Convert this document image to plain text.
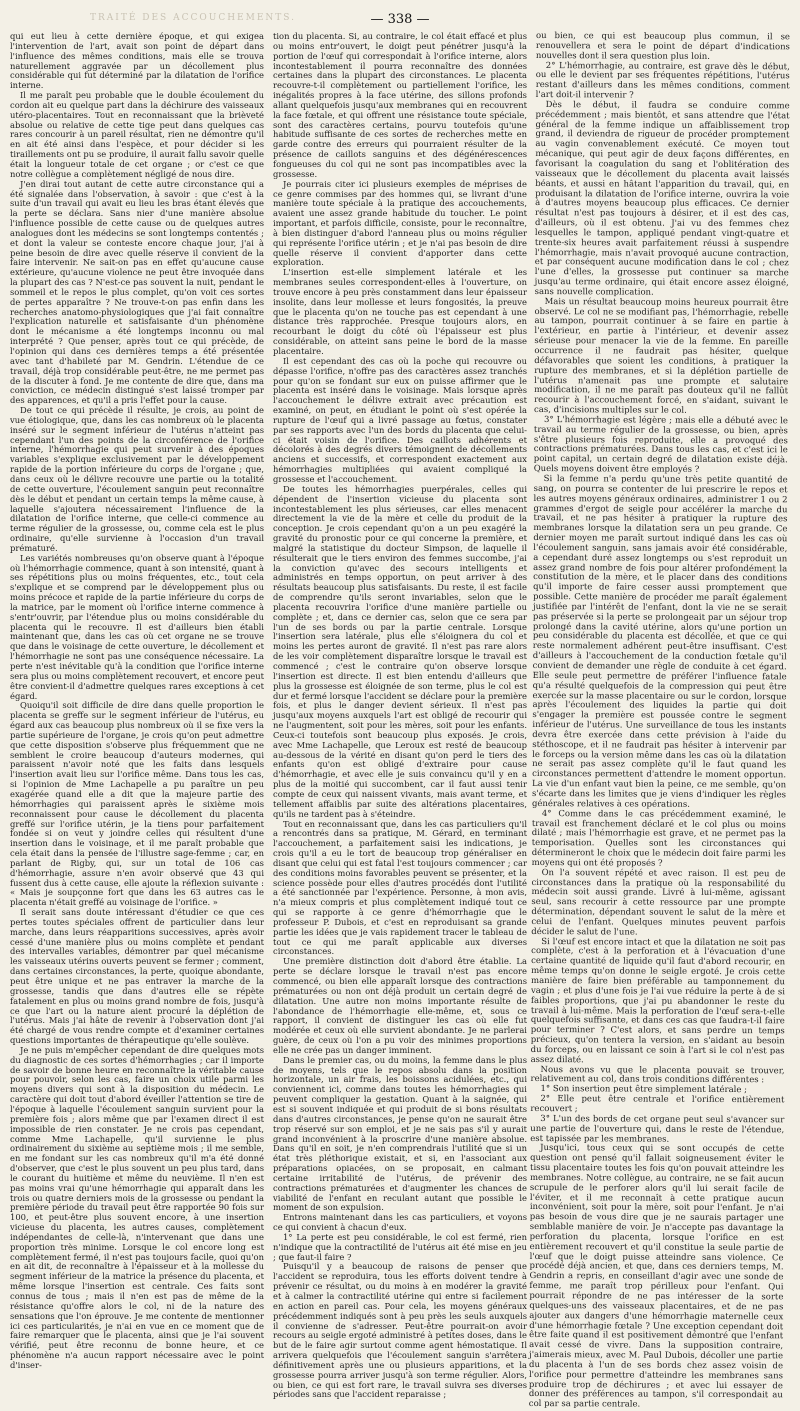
TRAITÉ DES ACCOUCHEMENTS.	— 338 —

qui eut lieu à cette dernière époque, et qui exigea l'intervention de l'art, avait son point de départ dans l'influence des mêmes conditions, mais elle se trouva naturellement aggravée par un décollement plus considérable qui fut déterminé par la dilatation de l'orifice interne.

Il me paraît peu probable que le double écoulement du cordon ait eu quelque part dans la déchirure des vaisseaux utéro-placentaires. Tout en reconnaissant que la brièveté absolue ou relative de cette tige peut dans quelques cas rares concourir à un pareil résultat, rien ne démontre qu'il en ait été ainsi dans l'espèce, et pour décider si les tiraillements ont pu se produire, il aurait fallu savoir quelle était la longueur totale de cet organe ; or c'est ce que notre collègue a complètement négligé de nous dire.

J'en dirai tout autant de cette autre circonstance qui a été signalée dans l'observation, à savoir : que c'est à la suite d'un travail qui avait eu lieu les bras étant élevés que la perte se déclara. Sans nier d'une manière absolue l'influence possible de cette cause ou de quelques autres analogues dont les médecins se sont longtemps contentés ; et dont la valeur se conteste encore chaque jour, j'ai à peine besoin de dire avec quelle réserve il convient de la faire intervenir. Ne sait-on pas en effet qu'aucune cause extérieure, qu'aucune violence ne peut être invoquée dans la plupart des cas ? N'est-ce pas souvent la nuit, pendant le sommeil et le repos le plus complet, qu'on voit ces sortes de pertes apparaître ? Ne trouve-t-on pas enfin dans les recherches anatomo-physiologiques que j'ai fait connaître l'explication naturelle et satisfaisante d'un phénomène dont le mécanisme a été longtemps inconnu ou mal interprété ? Que penser, après tout ce qui précède, de l'opinion qui dans ces dernières temps a été présentée avec tant d'habileté par M. Gendrin. L'étendue de ce travail, déjà trop considérable peut-être, ne me permet pas de la discuter à fond. Je me contente de dire que, dans ma conviction, ce médecin distingué s'est laissé tromper par des apparences, et qu'il a pris l'effet pour la cause.

De tout ce qui précède il résulte, je crois, au point de vue étiologique, que, dans les cas nombreux où le placenta inséré sur le segment inférieur de l'utérus n'atteint pas cependant l'un des points de la circonférence de l'orifice interne, l'hémorrhagie qui peut survenir à des époques variables s'explique exclusivement par le développement rapide de la portion inférieure du corps de l'organe ; que, dans ceux où le délivre recouvre une partie ou la totalité de cette ouverture, l'écoulement sanguin peut reconnaître dès le début et pendant un certain temps la même cause, à laquelle s'ajoutera nécessairement l'influence de la dilatation de l'orifice interne, que celle-ci commence au terme régulier de la grossesse, ou, comme cela est le plus ordinaire, qu'elle survienne à l'occasion d'un travail prématuré.

Les variétés nombreuses qu'on observe quant à l'époque où l'hémorrhagie commence, quant à son intensité, quant à ses répétitions plus ou moins fréquentes, etc., tout cela s'explique et se comprend par le développement plus ou moins précoce et rapide de la partie inférieure du corps de la matrice, par le moment où l'orifice interne commence à s'entr'ouvrir, par l'étendue plus ou moins considérable du placenta qui le recouvre. Il est d'ailleurs bien établi maintenant que, dans les cas où cet organe ne se trouve que dans le voisinage de cette ouverture, le décollement et l'hémorrhagie ne sont pas une conséquence nécessaire. La perte n'est inévitable qu'à la condition que l'orifice interne sera plus ou moins complètement recouvert, et encore peut être convient-il d'admettre quelques rares exceptions à cet égard.

Quoiqu'il soit difficile de dire dans quelle proportion le placenta se greffe sur le segment inférieur de l'utérus, eu égard aux cas beaucoup plus nombreux où il se fixe vers la partie supérieure de l'organe, je crois qu'on peut admettre que cette disposition s'observe plus fréquemment que ne semblent le croire beaucoup d'auteurs modernes, qui paraissent n'avoir noté que les faits dans lesquels l'insertion avait lieu sur l'orifice même. Dans tous les cas, si l'opinion de Mme Lachapelle a pu paraître un peu exagérée quand elle a dit que la majeure partie des hémorrhagies qui paraissent après le sixième mois reconnaissent pour cause le décollement du placenta greffé sur l'orifice utérin, je la tiens pour parfaitement fondée si on veut y joindre celles qui résultent d'une insertion dans le voisinage, et il me paraît probable que cela était dans la pensée de l'illustre sage-femme ; car, en parlant de Rigby, qui, sur un total de 106 cas d'hémorrhagie, assure n'en avoir observé que 43 qui fussent dus à cette cause, elle ajoute la réflexion suivante : « Mais je soupçonne fort que dans les 63 autres cas le placenta n'était greffé au voisinage de l'orifice. »

Il serait sans doute intéressant d'étudier ce que ces pertes toutes spéciales offrent de particulier dans leur marche, dans leurs réapparitions successives, après avoir cessé d'une manière plus ou moins complète et pendant des intervalles variables, démontrer par quel mécanisme les vaisseaux utérins ouverts peuvent se fermer ; comment, dans certaines circonstances, la perte, quoique abondante, peut être unique et ne pas entraver la marche de la grossesse, tandis que dans d'autres elle se répète fatalement en plus ou moins grand nombre de fois, jusqu'à ce que l'art ou la nature aient procuré la déplétion de l'utérus. Mais j'ai hâte de revenir à l'observation dont j'ai été chargé de vous rendre compte et d'examiner certaines questions importantes de thérapeutique qu'elle soulève.

Je ne puis m'empêcher cependant de dire quelques mots du diagnostic de ces sortes d'hémorrhagies ; car il importe de savoir de bonne heure en reconnaître la véritable cause pour pouvoir, selon les cas, faire un choix utile parmi les moyens divers qui sont à la disposition du médecin. Le caractère qui doit tout d'abord éveiller l'attention se tire de l'époque à laquelle l'écoulement sanguin survient pour la première fois ; alors même que par l'examen direct il est impossible de rien constater. Je ne crois pas cependant, comme Mme Lachapelle, qu'il survienne le plus ordinairement du sixième au septième mois ; il me semble, en me fondant sur les cas nombreux qu'il m'a été donné d'observer, que c'est le plus souvent un peu plus tard, dans le courant du huitième et même du neuvième. Il n'en est pas moins vrai qu'une hémorrhagie qui apparaît dans les trois ou quatre derniers mois de la grossesse ou pendant la première période du travail peut être rapportée 90 fois sur 100, et peut-être plus souvent encore, à une insertion vicieuse du placenta, les autres causes, complètement indépendantes de celle-là, n'intervenant que dans une proportion très minime. Lorsque le col encore long est complètement fermé, il n'est pas toujours facile, quoi qu'on en ait dit, de reconnaître à l'épaisseur et à la mollesse du segment inférieur de la matrice la présence du placenta, et même lorsque l'insertion est centrale. Ces faits sont connus de tous ; mais il n'en est pas de même de la résistance qu'offre alors le col, ni de la nature des sensations que l'on éprouve. Je me contente de mentionner ici ces particularités, je n'ai en vue en ce moment que de faire remarquer que le placenta, ainsi que je l'ai souvent vérifié, peut être reconnu de bonne heure, et ce phénomène n'a aucun rapport nécessaire avec le point d'inser-

tion du placenta. Si, au contraire, le col était effacé et plus ou moins entr'ouvert, le doigt peut pénétrer jusqu'à la portion de l'œuf qui correspondait à l'orifice interne, alors incontestablement il pourra reconnaître des données certaines dans la plupart des circonstances. Le placenta recouvre-t-il complètement ou partiellement l'orifice, les inégalités propres à la face utérine, des sillons profonds allant quelquefois jusqu'aux membranes qui en recouvrent la face fœtale, et qui offrent une résistance toute spéciale, sont des caractères certains, pourvu toutefois qu'une habitude suffisante de ces sortes de recherches mette en garde contre des erreurs qui pourraient résulter de la présence de caillots sanguins et des dégénérescences fongueuses du col qui ne sont pas incompatibles avec la grossesse.

Je pourrais citer ici plusieurs exemples de méprises de ce genre commises par des hommes qui, se livrant d'une manière toute spéciale à la pratique des accouchements, avaient une assez grande habitude du toucher. Le point important, et parfois difficile, consiste, pour le reconnaître, à bien distinguer d'abord l'anneau plus ou moins régulier qui représente l'orifice utérin ; et je n'ai pas besoin de dire quelle réserve il convient d'apporter dans cette exploration.

L'insertion est-elle simplement latérale et les membranes seules correspondent-elles à l'ouverture, on trouve encore à peu près constamment dans leur épaisseur insolite, dans leur mollesse et leurs fongosités, la preuve que le placenta qu'on ne touche pas est cependant à une distance très rapprochée. Presque toujours alors, en recourbant le doigt du côté où l'épaisseur est plus considérable, on atteint sans peine le bord de la masse placentaire.

Il est cependant des cas où la poche qui recouvre ou dépasse l'orifice, n'offre pas des caractères assez tranchés pour qu'on se fondant sur eux on puisse affirmer que le placenta est inséré dans le voisinage. Mais lorsque après l'accouchement le délivre extrait avec précaution est examiné, on peut, en étudiant le point où s'est opérée la rupture de l'œuf qui a livré passage au fœtus, constater par ses rapports avec l'un des bords du placenta que celui-ci était voisin de l'orifice. Des caillots adhérents et décolorés à des degrés divers témoignent de décollements anciens et successifs, et correspondent exactement aux hémorrhagies multipliées qui avaient compliqué la grossesse et l'accouchement.

De toutes les hémorrhagies puerpérales, celles qui dépendent de l'insertion vicieuse du placenta sont incontestablement les plus sérieuses, car elles menacent directement la vie de la mère et celle du produit de la conception. Je crois cependant qu'on a un peu exagéré la gravité du pronostic pour ce qui concerne la première, et malgré la statistique du docteur Simpson, de laquelle il résulterait que le tiers environ des femmes succombe, j'ai la conviction qu'avec des secours intelligents et administrés en temps opportun, on peut arriver à des résultats beaucoup plus satisfaisants. Du reste, il est facile de comprendre qu'ils seront invariables, selon que le placenta recouvrira l'orifice d'une manière partielle ou complète ; et, dans ce dernier cas, selon que ce sera par l'un de ses bords ou par la partie centrale. Lorsque l'insertion sera latérale, plus elle s'éloignera du col et moins les pertes auront de gravité. Il n'est pas rare alors de les voir complètement disparaître lorsque le travail est commencé ; c'est le contraire qu'on observe lorsque l'insertion est directe. Il est bien entendu d'ailleurs que plus la grossesse est éloignée de son terme, plus le col est dur et fermé lorsque l'accident se déclare pour la première fois, et plus le danger devient sérieux. Il n'est pas jusqu'aux moyens auxquels l'art est obligé de recourir qui ne l'augmentent, soit pour les mères, soit pour les enfants. Ceux-ci toutefois sont beaucoup plus exposés. Je crois, avec Mme Lachapelle, que Leroux est resté de beaucoup au-dessous de la vérité en disant qu'on perd le tiers des enfants qu'on est obligé d'extraire pour cause d'hémorrhagie, et avec elle je suis convaincu qu'il y en a plus de la moitié qui succombent, car il faut aussi tenir compte de ceux qui naissent vivants, mais avant terme, et tellement affaiblis par suite des altérations placentaires, qu'ils ne tardent pas à s'éteindre.

Tout en reconnaissant que, dans les cas particuliers qu'il a rencontrés dans sa pratique, M. Gérard, en terminant l'accouchement, a parfaitement saisi les indications, je crois qu'il a eu le tort de beaucoup trop généraliser en disant que celui qui est fatal l'est toujours commencer ; car des conditions moins favorables peuvent se présenter, et la science possède pour elles d'autres procédés dont l'utilité a été sanctionnée par l'expérience. Personne, à mon avis, n'a mieux compris et plus complètement indiqué tout ce qui se rapporte à ce genre d'hémorrhagie que le professeur P. Dubois, et c'est en reproduisant sa grande partie les idées que je vais rapidement tracer le tableau de tout ce qui me paraît applicable aux diverses circonstances.

Une première distinction doit d'abord être établie. La perte se déclare lorsque le travail n'est pas encore commencé, ou bien elle apparaît lorsque des contractions prématurées ou non ont déjà produit un certain degré de dilatation. Une autre non moins importante résulte de l'abondance de l'hémorrhagie elle-même, et, sous ce rapport, il convient de distinguer les cas où elle fut modérée et ceux où elle survient abondante. Je ne parlerai guère, de ceux où l'on a pu voir des minimes proportions elle ne crée pas un danger imminent.

Dans le premier cas, ou du moins, la femme dans le plus de moyens, tels que le repos absolu dans la position horizontale, un air frais, les boissons acidulées, etc., qui conviennent ici, comme dans toutes les hémorrhagies qui peuvent compliquer la gestation. Quant à la saignée, qui est si souvent indiquée et qui produit de si bons résultats dans d'autres circonstances, je pense qu'on ne saurait être trop réservé sur son emploi, et je ne sais pas s'il y aurait grand inconvénient à la proscrire d'une manière absolue. Dans qu'il en soit, je n'en comprendrais l'utilité que si un état très pléthorique existait, et si, en l'associant aux préparations opiacées, on se proposait, en calmant certaine irritabilité de l'utérus, de prévenir des contractions prématurées et d'augmenter les chances de viabilité de l'enfant en reculant autant que possible le moment de son expulsion.

Entrons maintenant dans les cas particuliers, et voyons ce qui convient à chacun d'eux.

1° La perte est peu considérable, le col est fermé, rien n'indique que la contractilité de l'utérus ait été mise en jeu ; que faut-il faire ?

Puisqu'il y a beaucoup de raisons de penser que l'accident se reproduira, tous les efforts doivent tendre à prévenir ce résultat, ou du moins à en modérer la gravité et à calmer la contractilité utérine qui entre si facilement en action en pareil cas. Pour cela, les moyens généraux précédemment indiqués sont à peu près les seuls auxquels il convienne de s'adresser. Peut-être pourrait-on avoir recours au seigle ergoté administré à petites doses, dans le but de le faire agir surtout comme agent hémostatique. Il arrivera quelquefois que l'écoulement sanguin s'arrêtera définitivement après une ou plusieurs apparitions, et la grossesse pourra arriver jusqu'à son terme régulier. Alors, ou bien, ce qui est fort rare, le travail suivra ses diverses périodes sans que l'accident reparaisse ;

ou bien, ce qui est beaucoup plus commun, il se renouvellera et sera le point de départ d'indications nouvelles dont il sera question plus loin.

2° L'hémorrhagie, au contraire, est grave dès le début, ou elle le devient par ses fréquentes répétitions, l'utérus restant d'ailleurs dans les mêmes conditions, comment l'art doit-il intervenir ?

Dès le début, il faudra se conduire comme précédemment ; mais bientôt, et sans attendre que l'état général de la femme indique un affaiblissement trop grand, il deviendra de rigueur de procéder promptement au vagin convenablement exécuté. Ce moyen tout mécanique, qui peut agir de deux façons différentes, en favorisant la coagulation du sang et l'oblitération des vaisseaux que le décollement du placenta avait laissés béants, et aussi en hâtant l'apparition du travail, qui, en produisant la dilatation de l'orifice interne, ouvrira la voie à d'autres moyens beaucoup plus efficaces. Ce dernier résultat n'est pas toujours à désirer, et il est des cas, d'ailleurs, où il est obtenu. J'ai vu des femmes chez lesquelles le tampon, appliqué pendant vingt-quatre et trente-six heures avait parfaitement réussi à suspendre l'hémorrhagie, mais n'avait provoqué aucune contraction, et par conséquent aucune modification dans le col ; chez l'une d'elles, la grossesse put continuer sa marche jusqu'au terme ordinaire, qui était encore assez éloigné, sans nouvelle complication.

Mais un résultat beaucoup moins heureux pourrait être observé. Le col ne se modifiant pas, l'hémorrhagie, rebelle au tampon, pourrait continuer à se faire en partie à l'extérieur, en partie à l'intérieur, et devenir assez sérieuse pour menacer la vie de la femme. En pareille occurrence il ne faudrait pas hésiter, quelque défavorables que soient les conditions, à pratiquer la rupture des membranes, et si la déplétion partielle de l'utérus n'amenait pas une prompte et salutaire modification, il ne me paraît pas douteux qu'il ne fallût recourir à l'accouchement forcé, en s'aidant, suivant le cas, d'incisions multiples sur le col.

3° L'hémorrhagie est légère ; mais elle a débuté avec le travail au terme régulier de la grossesse, ou bien, après s'être plusieurs fois reproduite, elle a provoqué des contractions prématurées. Dans tous les cas, et c'est ici le point capital, un certain degré de dilatation existe déjà. Quels moyens doivent être employés ?

Si la femme n'a perdu qu'une très petite quantité de sang, on pourra se contenter de lui prescrire le repos et les autres moyens généraux ordinaires, administrer 1 ou 2 grammes d'ergot de seigle pour accélérer la marche du travail, et ne pas hésiter à pratiquer la rupture des membranes lorsque la dilatation sera un peu grande. Ce dernier moyen me paraît surtout indiqué dans les cas où l'écoulement sanguin, sans jamais avoir été considérable, a cependant duré assez longtemps ou s'est reproduit un assez grand nombre de fois pour altérer profondément la constitution de la mère, et le placer dans des conditions qu'il importe de faire cesser aussi promptement que possible. Cette manière de procéder me paraît également justifiée par l'intérêt de l'enfant, dont la vie ne se serait pas préservée si la perte se prolongeait par un séjour trop prolongé dans la cavité utérine, alors qu'une portion un peu considérable du placenta est décollée, et que ce qui reste normalement adhérent peut-être insuffisant. C'est d'ailleurs à l'accouchement de la conduction fœtale qu'il convient de demander une règle de conduite à cet égard. Elle seule peut permettre de préférer l'influence fatale qu'a résulté quelquefois de la compression qui peut être exercée sur la masse placentaire ou sur le cordon, lorsque après l'écoulement des liquides la partie qui doit s'engager la première est poussée contre le segment inférieur de l'utérus. Une surveillance de tous les instants devra être exercée dans cette prévision à l'aide du stéthoscope, et il ne faudrait pas hésiter à intervenir par le forceps ou la version même dans les cas où la dilatation ne serait pas assez complète qu'il le faut quand les circonstances permettent d'attendre le moment opportun. La vie d'un enfant vaut bien la peine, ce me semble, qu'on s'écarte dans les limites que je viens d'indiquer les règles générales relatives à ces opérations.

4° Comme dans le cas précédemment examiné, le travail est franchement déclaré et le col plus ou moins dilaté ; mais l'hémorrhagie est grave, et ne permet pas la temporisation. Quelles sont les circonstances qui détermineront le choix que le médecin doit faire parmi les moyens qui ont été proposés ?

On l'a souvent répété et avec raison. Il est peu de circonstances dans la pratique où la responsabilité du médecin soit aussi grande. Livré à lui-même, agissant seul, sans recourir à cette ressource par une prompte détermination, dépendant souvent le salut de la mère et celui de l'enfant. Quelques minutes peuvent parfois décider le salut de l'une.

Si l'œuf est encore intact et que la dilatation ne soit pas complète, c'est à la perforation et à l'évacuation d'une certaine quantité de liquide qu'il faut d'abord recourir, en même temps qu'on donne le seigle ergoté. Je crois cette manière de faire bien préférable au tamponnement du vagin ; et plus d'une fois je l'ai vue réduire la perte à de si faibles proportions, que j'ai pu abandonner le reste du travail à lui-même. Mais la perforation de l'œuf sera-t-elle quelquefois suffisante, et dans ces cas que faudra-t-il faire pour terminer ? C'est alors, et sans perdre un temps précieux, qu'on tentera la version, en s'aidant au besoin du forceps, ou en laissant ce soin à l'art si le col n'est pas assez dilaté.

Nous avons vu que le placenta pouvait se trouver, relativement au col, dans trois conditions différentes :

1° Son insertion peut être simplement latérale ;

2° Elle peut être centrale et l'orifice entièrement recouvert ;

3° L'un des bords de cet organe peut seul s'avancer sur une partie de l'ouverture qui, dans le reste de l'étendue, est tapissée par les membranes.

Jusqu'ici, tous ceux qui se sont occupés de cette question ont pensé qu'il fallait soigneusement éviter le tissu placentaire toutes les fois qu'on pouvait atteindre les membranes. Notre collègue, au contraire, ne se fait aucun scrupule de le perforer alors qu'il lui serait facile de l'éviter, et il me reconnaît à cette pratique aucun inconvénient, soit pour la mère, soit pour l'enfant. Je n'ai pas besoin de vous dire que je ne saurais partager une semblable manière de voir. Je n'accepte pas davantage la perforation du placenta, lorsque l'orifice en est entièrement recouvert et qu'il constitue la seule partie de l'œuf que le doigt puisse atteindre sans violence. Ce procédé déjà ancien, et que, dans ces derniers temps, M. Gendrin a repris, en conseillant d'agir avec une sonde de femme, me paraît trop périlleux pour l'enfant. Qui pourrait répondre de ne pas intéresser de la sorte quelques-uns des vaisseaux placentaires, et de ne pas ajouter aux dangers d'une hémorrhagie maternelle ceux d'une hémorrhagie fœtale ? Une exception cependant doit être faite quand il est positivement démontré que l'enfant avait cessé de vivre. Dans la supposition contraire, j'aimerais mieux, avec M. Paul Dubois, décoller une partie du placenta à l'un de ses bords chez assez voisin de l'orifice pour permettre d'atteindre les membranes sans produire trop de déchirures ; et avec lui essayer de donner des préférences au tampon, s'il correspondait au col par sa partie centrale.
